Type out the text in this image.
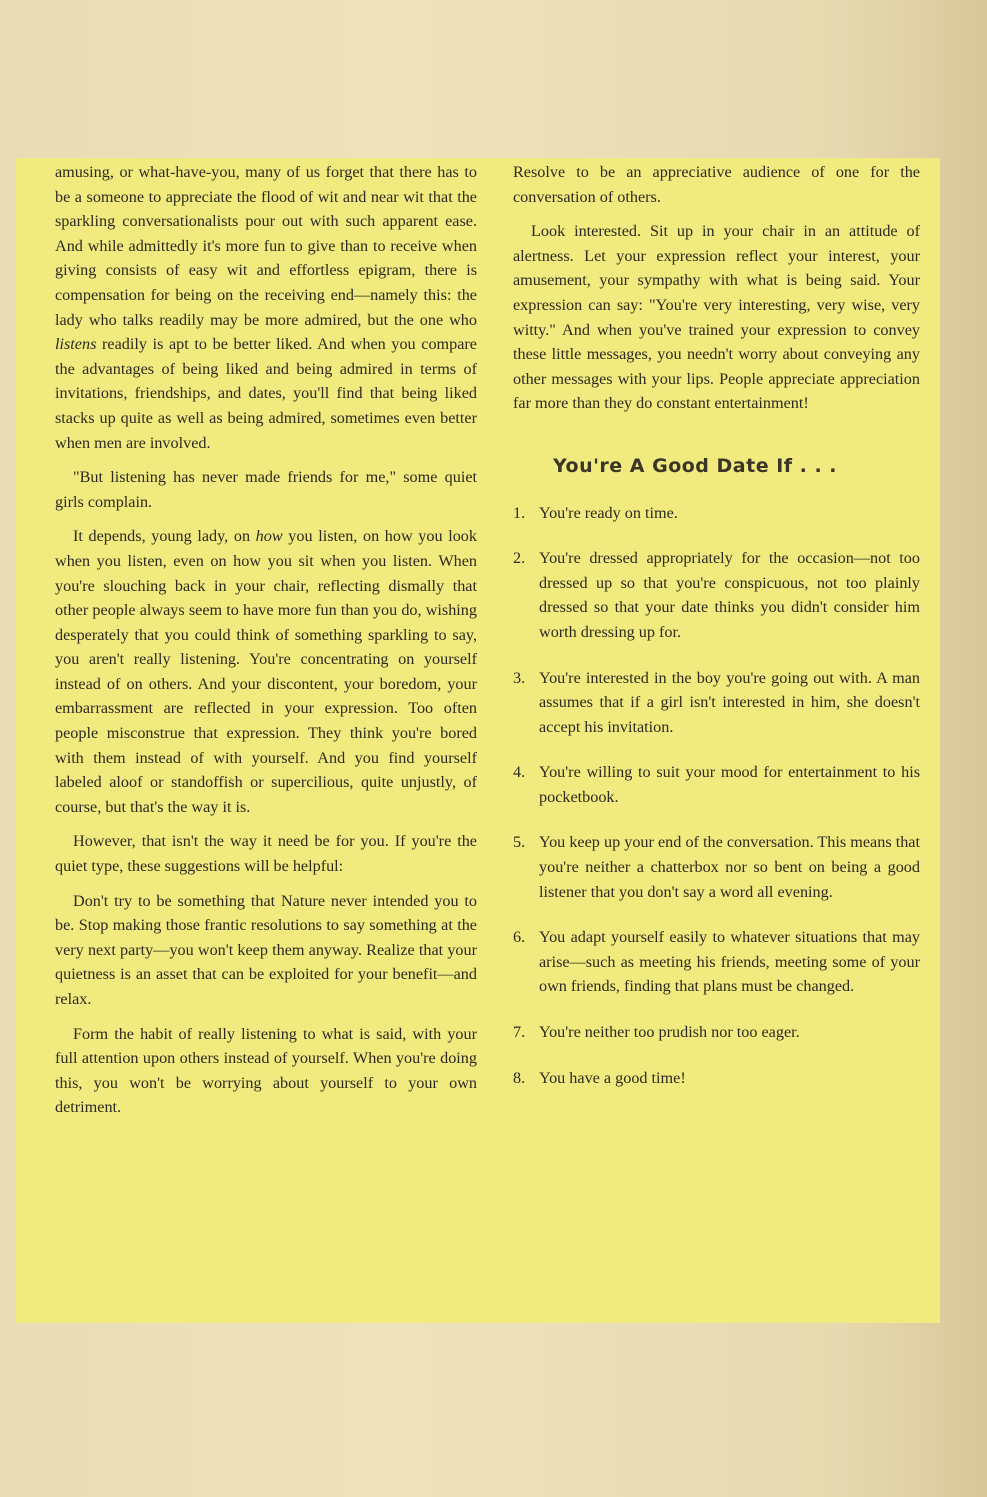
amusing, or what-have-you, many of us forget that there has to be a someone to appreciate the flood of wit and near wit that the sparkling conversationalists pour out with such apparent ease. And while admittedly it's more fun to give than to receive when giving consists of easy wit and effortless epigram, there is compensation for being on the receiving end—namely this: the lady who talks readily may be more admired, but the one who listens readily is apt to be better liked. And when you compare the advantages of being liked and being admired in terms of invitations, friendships, and dates, you'll find that being liked stacks up quite as well as being admired, sometimes even better when men are involved.

"But listening has never made friends for me," some quiet girls complain.

It depends, young lady, on how you listen, on how you look when you listen, even on how you sit when you listen. When you're slouching back in your chair, reflecting dismally that other people always seem to have more fun than you do, wishing desperately that you could think of something sparkling to say, you aren't really listening. You're concentrating on yourself instead of on others. And your discontent, your boredom, your embarrassment are reflected in your expression. Too often people misconstrue that expression. They think you're bored with them instead of with yourself. And you find yourself labeled aloof or standoffish or supercilious, quite unjustly, of course, but that's the way it is.

However, that isn't the way it need be for you. If you're the quiet type, these suggestions will be helpful:

Don't try to be something that Nature never intended you to be. Stop making those frantic resolutions to say something at the very next party—you won't keep them anyway. Realize that your quietness is an asset that can be exploited for your benefit—and relax.

Form the habit of really listening to what is said, with your full attention upon others instead of yourself. When you're doing this, you won't be worrying about yourself to your own detriment.

Resolve to be an appreciative audience of one for the conversation of others.

Look interested. Sit up in your chair in an attitude of alertness. Let your expression reflect your interest, your amusement, your sympathy with what is being said. Your expression can say: "You're very interesting, very wise, very witty." And when you've trained your expression to convey these little messages, you needn't worry about conveying any other messages with your lips. People appreciate appreciation far more than they do constant entertainment!

You're A Good Date If . . .
1. You're ready on time.
2. You're dressed appropriately for the occasion—not too dressed up so that you're conspicuous, not too plainly dressed so that your date thinks you didn't consider him worth dressing up for.
3. You're interested in the boy you're going out with. A man assumes that if a girl isn't interested in him, she doesn't accept his invitation.
4. You're willing to suit your mood for entertainment to his pocketbook.
5. You keep up your end of the conversation. This means that you're neither a chatterbox nor so bent on being a good listener that you don't say a word all evening.
6. You adapt yourself easily to whatever situations that may arise—such as meeting his friends, meeting some of your own friends, finding that plans must be changed.
7. You're neither too prudish nor too eager.
8. You have a good time!
